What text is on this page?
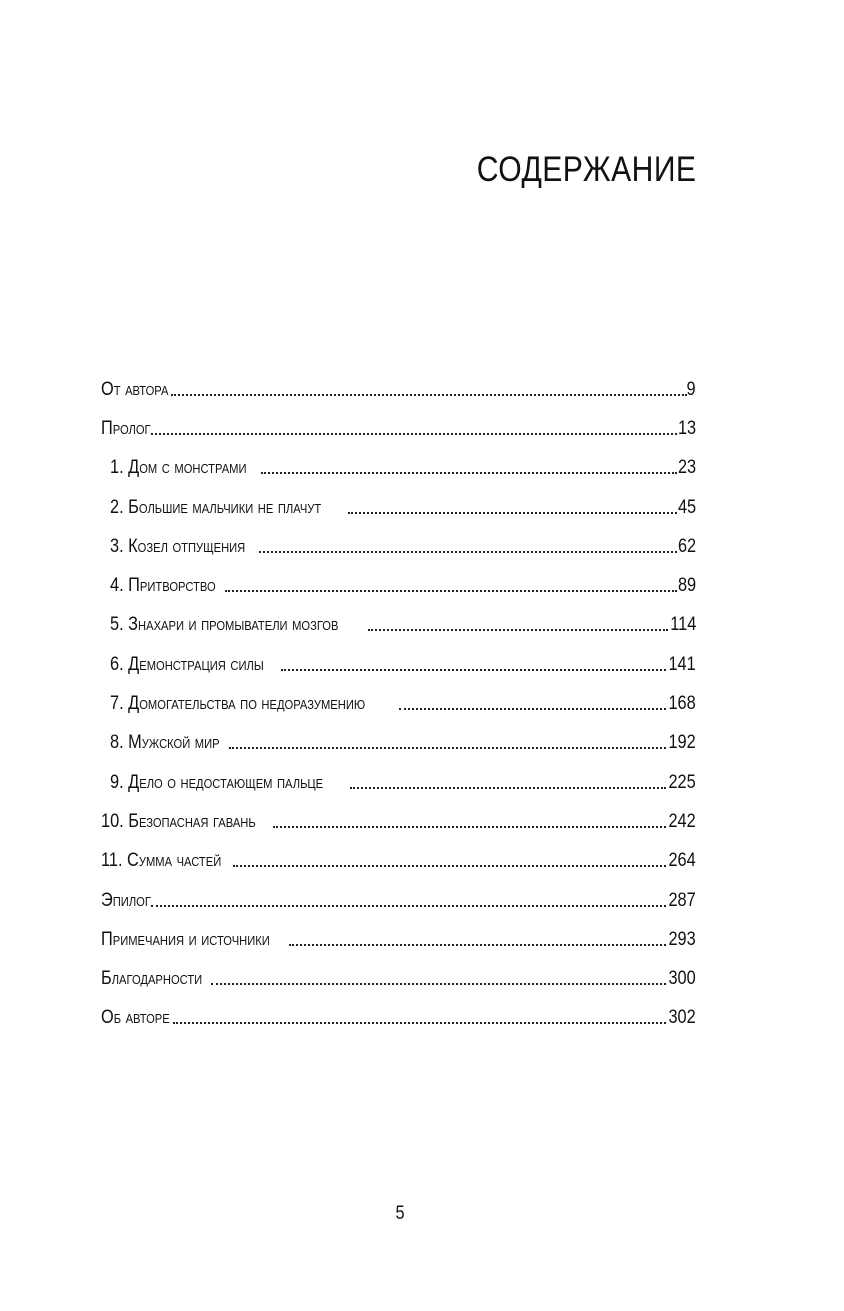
СОДЕРЖАНИЕ
От автора	9
Пролог	13
1. Дом с монстрами	23
2. Большие мальчики не плачут	45
3. Козел отпущения	62
4. Притворство	89
5. Знахари и промыватели мозгов	114
6. Демонстрация силы	141
7. Домогательства по недоразумению	168
8. Мужской мир	192
9. Дело о недостающем пальце	225
10. Безопасная гавань	242
11. Сумма частей	264
Эпилог	287
Примечания и источники	293
Благодарности	300
Об авторе	302
5
